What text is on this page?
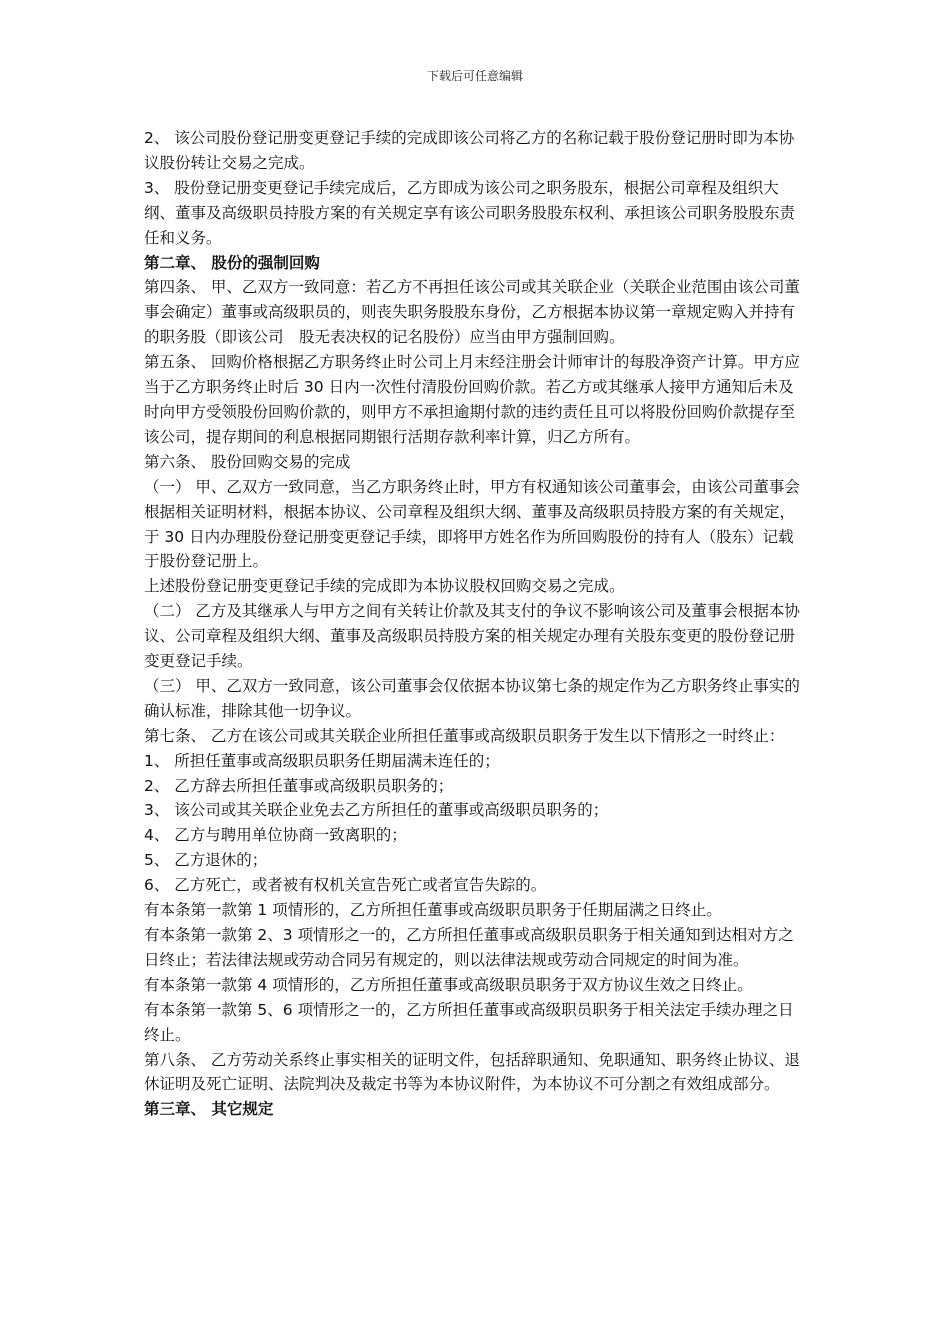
下载后可任意编辑

2、 该公司股份登记册变更登记手续的完成即该公司将乙方的名称记载于股份登记册时即为本协议股份转让交易之完成。

3、 股份登记册变更登记手续完成后，乙方即成为该公司之职务股东，根据公司章程及组织大纲、董事及高级职员持股方案的有关规定享有该公司职务股股东权利、承担该公司职务股股东责任和义务。

第二章、 股份的强制回购

第四条、 甲、乙双方一致同意：若乙方不再担任该公司或其关联企业（关联企业范围由该公司董事会确定）董事或高级职员的，则丧失职务股股东身份，乙方根据本协议第一章规定购入并持有的职务股（即该公司　股无表决权的记名股份）应当由甲方强制回购。

第五条、 回购价格根据乙方职务终止时公司上月末经注册会计师审计的每股净资产计算。甲方应当于乙方职务终止时后 30 日内一次性付清股份回购价款。若乙方或其继承人接甲方通知后未及时向甲方受领股份回购价款的，则甲方不承担逾期付款的违约责任且可以将股份回购价款提存至该公司，提存期间的利息根据同期银行活期存款利率计算，归乙方所有。

第六条、 股份回购交易的完成

（一） 甲、乙双方一致同意，当乙方职务终止时，甲方有权通知该公司董事会，由该公司董事会根据相关证明材料，根据本协议、公司章程及组织大纲、董事及高级职员持股方案的有关规定，于 30 日内办理股份登记册变更登记手续，即将甲方姓名作为所回购股份的持有人（股东）记载于股份登记册上。

上述股份登记册变更登记手续的完成即为本协议股权回购交易之完成。

（二） 乙方及其继承人与甲方之间有关转让价款及其支付的争议不影响该公司及董事会根据本协议、公司章程及组织大纲、董事及高级职员持股方案的相关规定办理有关股东变更的股份登记册变更登记手续。

（三） 甲、乙双方一致同意，该公司董事会仅依据本协议第七条的规定作为乙方职务终止事实的确认标准，排除其他一切争议。

第七条、 乙方在该公司或其关联企业所担任董事或高级职员职务于发生以下情形之一时终止：

1、 所担任董事或高级职员职务任期届满未连任的；

2、 乙方辞去所担任董事或高级职员职务的；

3、 该公司或其关联企业免去乙方所担任的董事或高级职员职务的；

4、 乙方与聘用单位协商一致离职的；

5、 乙方退休的；

6、 乙方死亡，或者被有权机关宣告死亡或者宣告失踪的。

有本条第一款第 1 项情形的，乙方所担任董事或高级职员职务于任期届满之日终止。

有本条第一款第 2、3 项情形之一的，乙方所担任董事或高级职员职务于相关通知到达相对方之日终止；若法律法规或劳动合同另有规定的，则以法律法规或劳动合同规定的时间为准。

有本条第一款第 4 项情形的，乙方所担任董事或高级职员职务于双方协议生效之日终止。

有本条第一款第 5、6 项情形之一的，乙方所担任董事或高级职员职务于相关法定手续办理之日终止。

第八条、 乙方劳动关系终止事实相关的证明文件，包括辞职通知、免职通知、职务终止协议、退休证明及死亡证明、法院判决及裁定书等为本协议附件，为本协议不可分割之有效组成部分。

第三章、 其它规定
